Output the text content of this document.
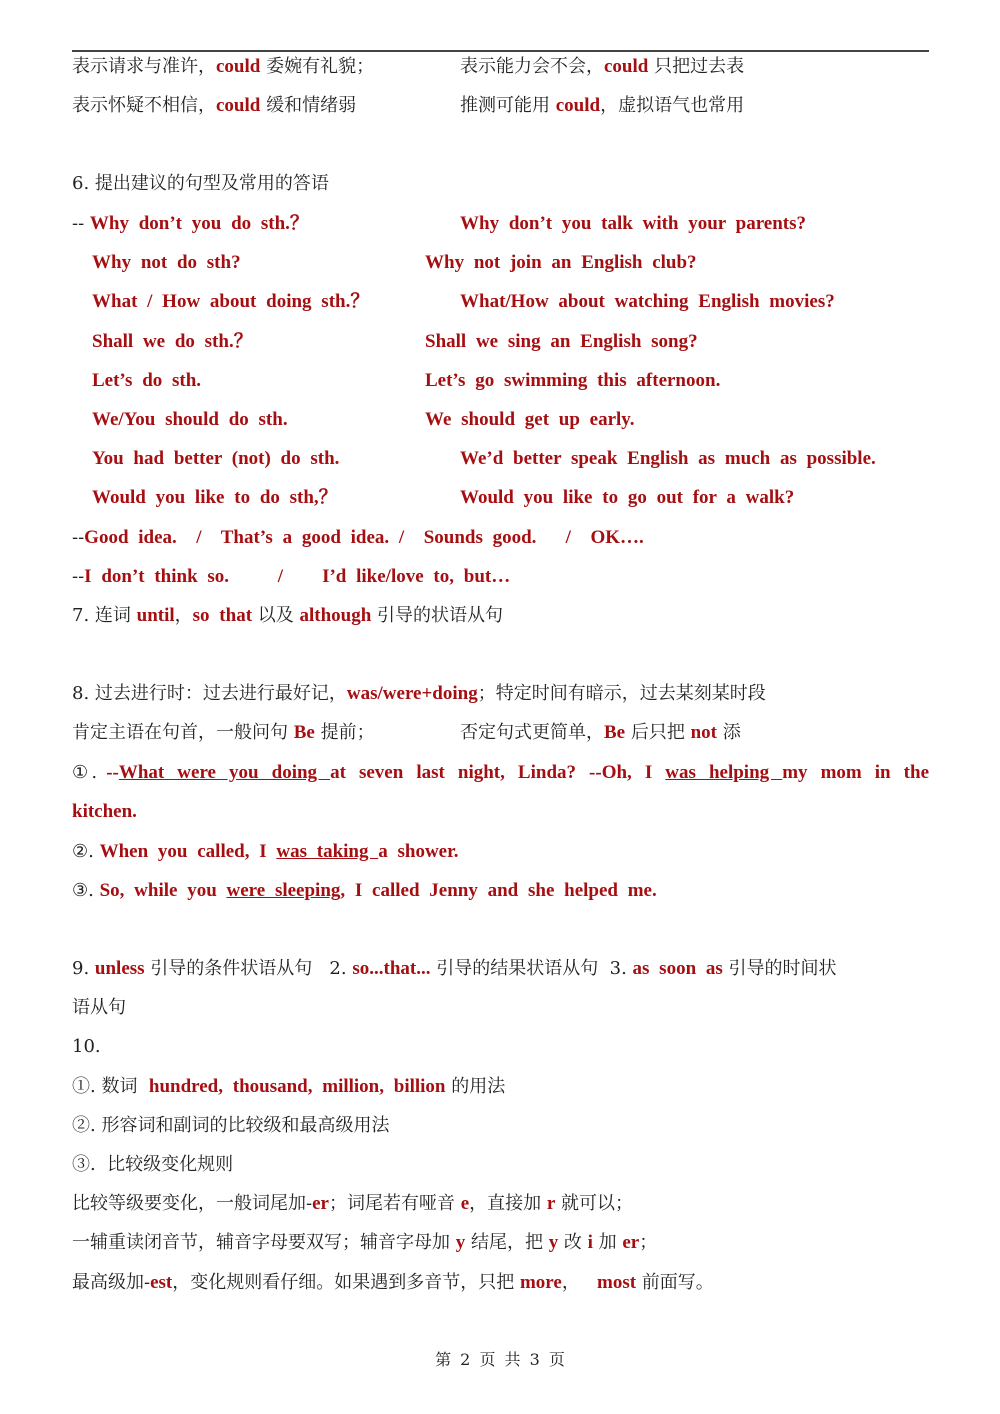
表示请求与准许，could 委婉有礼貌；	表示能力会不会，could 只把过去表
表示怀疑不相信，could 缓和情绪弱	推测可能用 could，虚拟语气也常用
6. 提出建议的句型及常用的答语
-- Why don’t you do sth.？	Why don’t you talk with your parents?
Why not do sth?	Why not join an English club?
What / How about doing sth.？	What/How about watching English movies?
Shall we do sth.？	Shall we sing an English song?
Let’s do sth.	Let’s go swimming this afternoon.
We/You should do sth.	We should get up early.
You had better (not) do sth.	We’d better speak English as much as possible.
Would you like to do sth,？	Would you like to go out for a walk?
--Good idea.  /  That’s a good idea. /  Sounds good.   /  OK….
--I don’t think so.     /    I’d like/love to, but…
7. 连词 until，so that 以及 although 引导的状语从句
8. 过去进行时：过去进行最好记，was/were+doing；特定时间有暗示，过去某刻某时段
肯定主语在句首，一般问句 Be 提前；	否定句式更简单，Be 后只把 not 添
①. --What were you doing at seven last night, Linda? --Oh, I was helping my mom in the
kitchen.
②. When you called, I was taking a shower.
③. So, while you were sleeping, I called Jenny and she helped me.
9. unless 引导的条件状语从句   2. so...that... 引导的结果状语从句  3. as soon as 引导的时间状
语从句
10.
①. 数词  hundred, thousand, million, billion 的用法
②. 形容词和副词的比较级和最高级用法
③.  比较级变化规则
比较等级要变化，一般词尾加-er；词尾若有哑音 e，直接加 r 就可以；
一辅重读闭音节，辅音字母要双写；辅音字母加 y 结尾，把 y 改 i 加 er；
最高级加-est，变化规则看仔细。如果遇到多音节，只把 more，   most 前面写。
第 2 页 共 3 页
